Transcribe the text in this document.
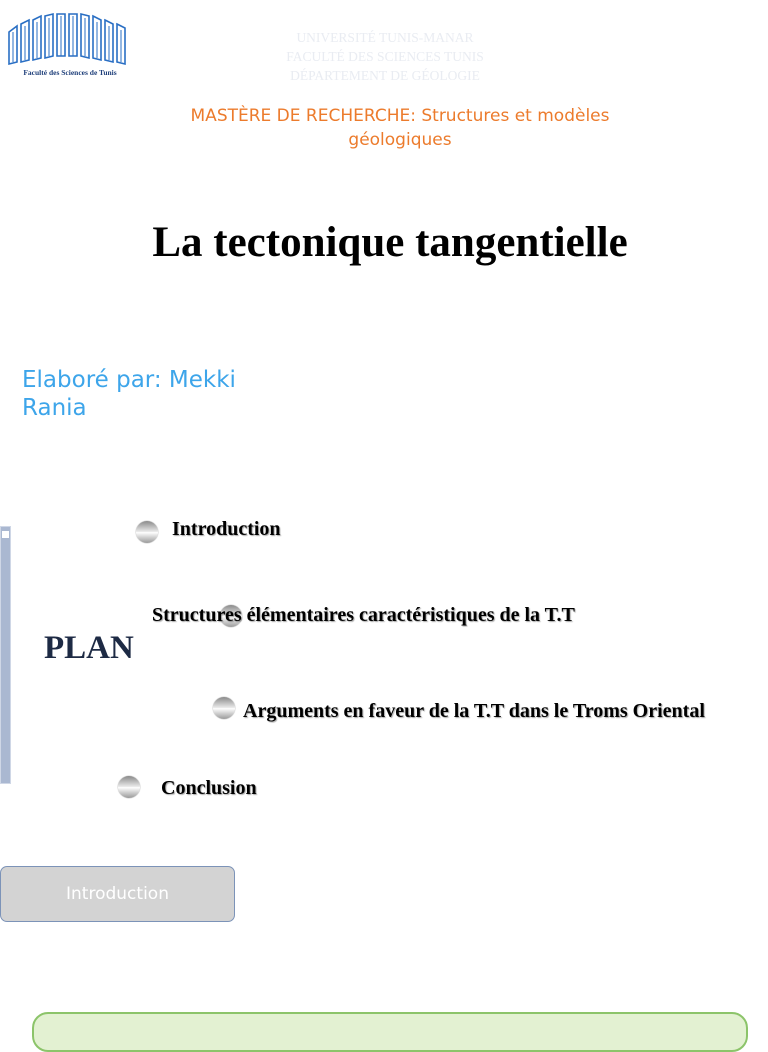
Faculté des Sciences de Tunis
UNIVERSITÉ TUNIS-MANAR
FACULTÉ DES SCIENCES TUNIS
DÉPARTEMENT DE GÉOLOGIE
MASTÈRE DE RECHERCHE: Structures et modèles
géologiques
La tectonique tangentielle
Elaboré par: Mekki
Rania
PLAN
Introduction
Structures élémentaires caractéristiques de la T.T
Arguments en faveur de la T.T dans le Troms Oriental
Conclusion
Introduction
